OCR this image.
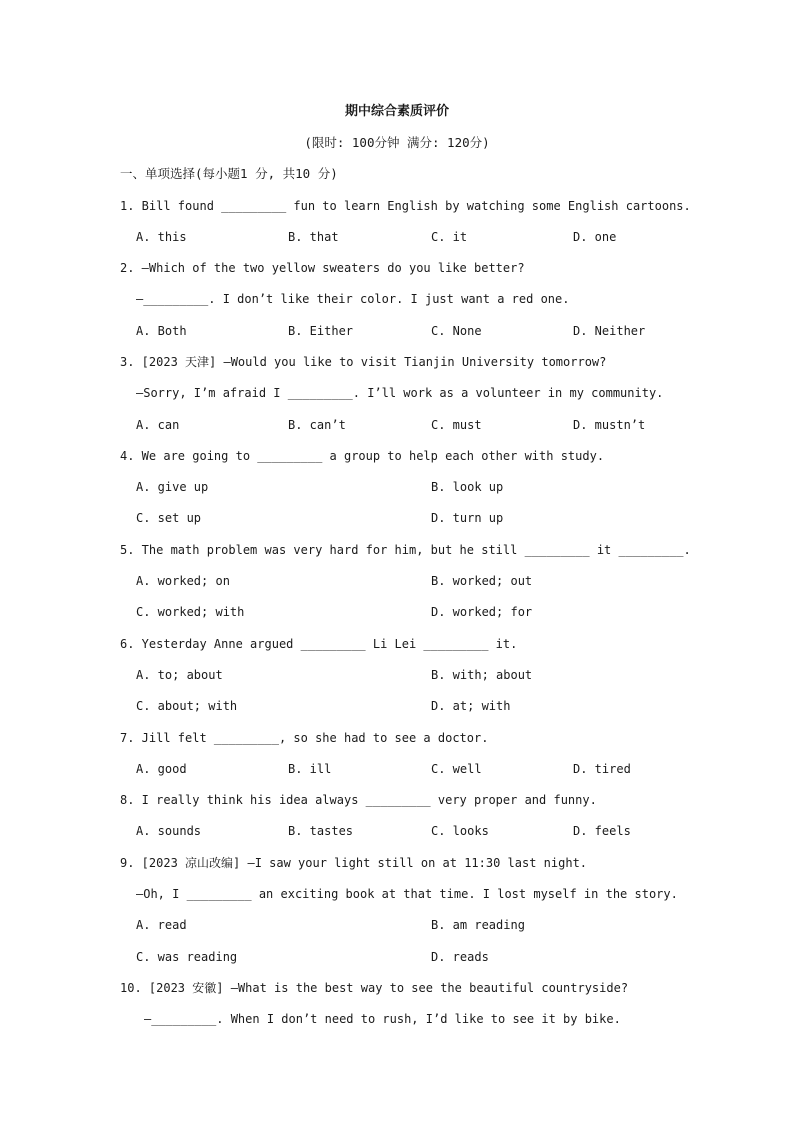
期中综合素质评价
(限时: 100分钟 满分: 120分)
一、单项选择(每小题1 分, 共10 分)
1. Bill found _________ fun to learn English by watching some English cartoons.

A. this

	B. that

	C. it

	D. one

2. —Which of the two yellow sweaters do you like better?
—_________. I don’t like their color. I just want a red one.

A. Both

	B. Either

	C. None

	D. Neither

3. [2023 天津] —Would you like to visit Tianjin University tomorrow?
—Sorry, I’m afraid I _________. I’ll work as a volunteer in my community.

A. can

	B. can’t

	C. must

	D. mustn’t

4. We are going to _________ a group to help each other with study.

A. give up

	B. look up

C. set up

	D. turn up

5. The math problem was very hard for him, but he still _________ it _________.

A. worked; on

	B. worked; out

C. worked; with

	D. worked; for

6. Yesterday Anne argued _________ Li Lei _________ it.

A. to; about

	B. with; about

C. about; with

	D. at; with

7. Jill felt _________, so she had to see a doctor.

A. good

	B. ill

	C. well

	D. tired

8. I really think his idea always _________ very proper and funny.

A. sounds

	B. tastes

	C. looks

	D. feels

9. [2023 凉山改编] —I saw your light still on at 11:30 last night.
—Oh, I _________ an exciting book at that time. I lost myself in the story.

A. read

	B. am reading

C. was reading

	D. reads

10. [2023 安徽] —What is the best way to see the beautiful countryside?
—_________. When I don’t need to rush, I’d like to see it by bike.
